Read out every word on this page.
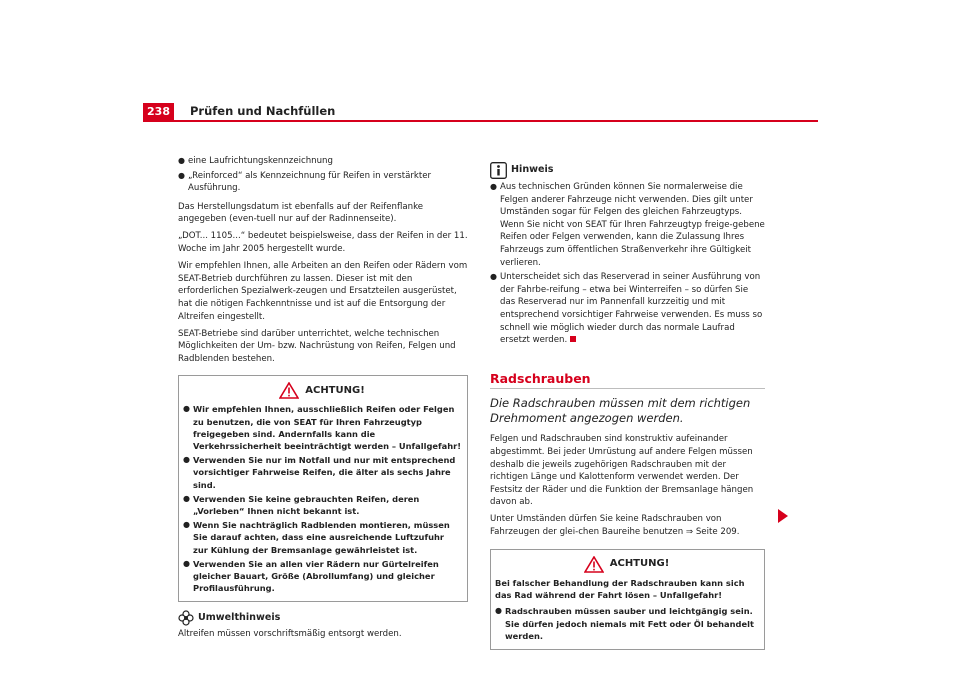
238	Prüfen und Nachfüllen
● eine Laufrichtungskennzeichnung
● „Reinforced“ als Kennzeichnung für Reifen in verstärkter Ausführung.

Das Herstellungsdatum ist ebenfalls auf der Reifenflanke angegeben (even-tuell nur auf der Radinnenseite).

„DOT... 1105...“ bedeutet beispielsweise, dass der Reifen in der 11. Woche im Jahr 2005 hergestellt wurde.

Wir empfehlen Ihnen, alle Arbeiten an den Reifen oder Rädern vom SEAT-Betrieb durchführen zu lassen. Dieser ist mit den erforderlichen Spezialwerk-zeugen und Ersatzteilen ausgerüstet, hat die nötigen Fachkenntnisse und ist auf die Entsorgung der Altreifen eingestellt.

SEAT-Betriebe sind darüber unterrichtet, welche technischen Möglichkeiten der Um- bzw. Nachrüstung von Reifen, Felgen und Radblenden bestehen.

ACHTUNG!
● Wir empfehlen Ihnen, ausschließlich Reifen oder Felgen zu benutzen, die von SEAT für Ihren Fahrzeugtyp freigegeben sind. Andernfalls kann die Verkehrssicherheit beeinträchtigt werden – Unfallgefahr!
● Verwenden Sie nur im Notfall und nur mit entsprechend vorsichtiger Fahrweise Reifen, die älter als sechs Jahre sind.
● Verwenden Sie keine gebrauchten Reifen, deren „Vorleben“ Ihnen nicht bekannt ist.
● Wenn Sie nachträglich Radblenden montieren, müssen Sie darauf achten, dass eine ausreichende Luftzufuhr zur Kühlung der Bremsanlage gewährleistet ist.
● Verwenden Sie an allen vier Rädern nur Gürtelreifen gleicher Bauart, Größe (Abrollumfang) und gleicher Profilausführung.
Umwelthinweis

Altreifen müssen vorschriftsmäßig entsorgt werden.

Hinweis
● Aus technischen Gründen können Sie normalerweise die Felgen anderer Fahrzeuge nicht verwenden. Dies gilt unter Umständen sogar für Felgen des gleichen Fahrzeugtyps. Wenn Sie nicht von SEAT für Ihren Fahrzeugtyp freige-gebene Reifen oder Felgen verwenden, kann die Zulassung Ihres Fahrzeugs zum öffentlichen Straßenverkehr ihre Gültigkeit verlieren.
● Unterscheidet sich das Reserverad in seiner Ausführung von der Fahrbe-reifung – etwa bei Winterreifen – so dürfen Sie das Reserverad nur im Pannenfall kurzzeitig und mit entsprechend vorsichtiger Fahrweise verwenden. Es muss so schnell wie möglich wieder durch das normale Laufrad ersetzt werden.
Radschrauben
Die Radschrauben müssen mit dem richtigen Drehmoment angezogen werden.

Felgen und Radschrauben sind konstruktiv aufeinander abgestimmt. Bei jeder Umrüstung auf andere Felgen müssen deshalb die jeweils zugehörigen Radschrauben mit der richtigen Länge und Kalottenform verwendet werden. Der Festsitz der Räder und die Funktion der Bremsanlage hängen davon ab.

Unter Umständen dürfen Sie keine Radschrauben von Fahrzeugen der glei-chen Baureihe benutzen ⇒ Seite 209.

ACHTUNG!

Bei falscher Behandlung der Radschrauben kann sich das Rad während der Fahrt lösen – Unfallgefahr!

● Radschrauben müssen sauber und leichtgängig sein. Sie dürfen jedoch niemals mit Fett oder Öl behandelt werden.
